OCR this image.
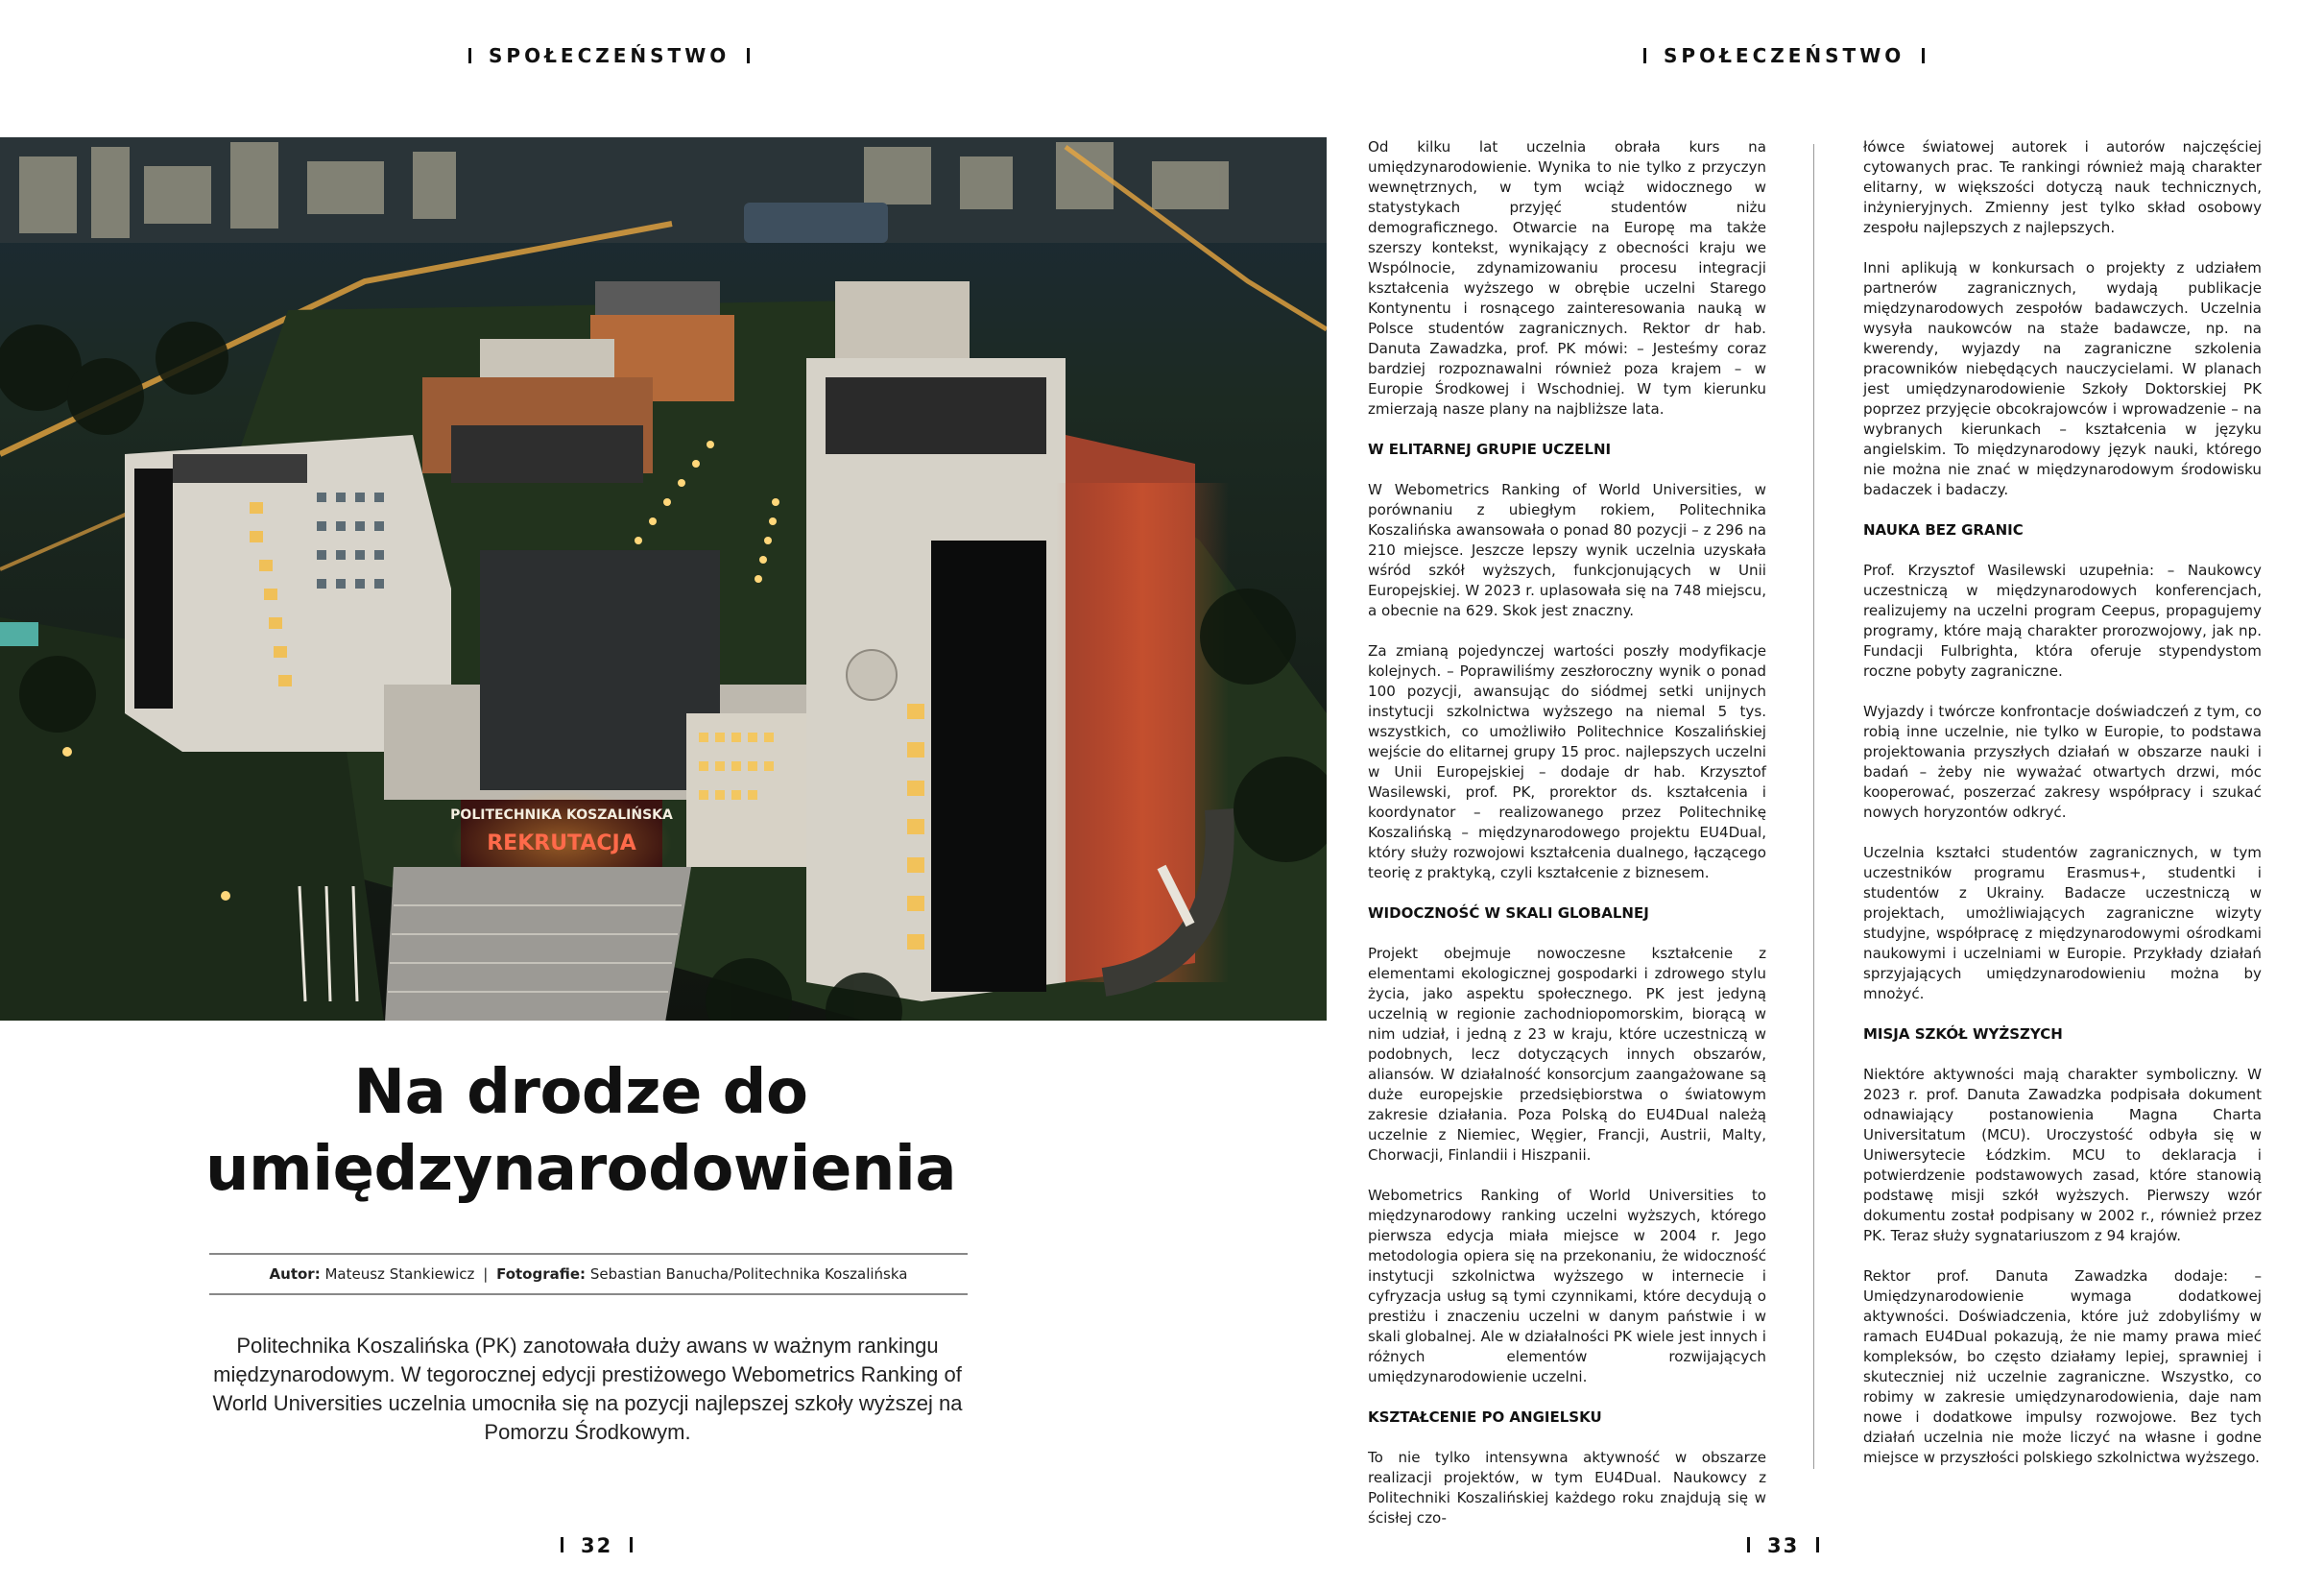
SPOŁECZEŃSTWO
Na drodze do
umiędzynarodowienia
Autor: Mateusz Stankiewicz | Fotografie: Sebastian Banucha/Politechnika Koszalińska

Politechnika Koszalińska (PK) zanotowała duży awans w ważnym rankingu międzynarodowym. W tegorocznej edycji prestiżowego Webometrics Ranking of World Universities uczelnia umocniła się na pozycji najlepszej szkoły wyższej na Pomorzu Środkowym.

32
POLITECHNIKA KOSZALIŃSKA
REKRUTACJA
SPOŁECZEŃSTWO

Od kilku lat uczelnia obrała kurs na umiędzynarodowienie. Wynika to nie tylko z przyczyn wewnętrznych, w tym wciąż widocznego w statystykach przyjęć studentów niżu demograficznego. Otwarcie na Europę ma także szerszy kontekst, wynikający z obecności kraju we Wspólnocie, zdynamizowaniu procesu integracji kształcenia wyższego w obrębie uczelni Starego Kontynentu i rosnącego zainteresowania nauką w Polsce studentów zagranicznych. Rektor dr hab. Danuta Zawadzka, prof. PK mówi: – Jesteśmy coraz bardziej rozpoznawalni również poza krajem – w Europie Środkowej i Wschodniej. W tym kierunku zmierzają nasze plany na najbliższe lata.

W ELITARNEJ GRUPIE UCZELNI

W Webometrics Ranking of World Universities, w porównaniu z ubiegłym rokiem, Politechnika Koszalińska awansowała o ponad 80 pozycji – z 296 na 210 miejsce. Jeszcze lepszy wynik uczelnia uzyskała wśród szkół wyższych, funkcjonujących w Unii Europejskiej. W 2023 r. uplasowała się na 748 miejscu, a obecnie na 629. Skok jest znaczny.

Za zmianą pojedynczej wartości poszły modyfikacje kolejnych. – Poprawiliśmy zeszłoroczny wynik o ponad 100 pozycji, awansując do siódmej setki unijnych instytucji szkolnictwa wyższego na niemal 5 tys. wszystkich, co umożliwiło Politechnice Koszalińskiej wejście do elitarnej grupy 15 proc. najlepszych uczelni w Unii Europejskiej – dodaje dr hab. Krzysztof Wasilewski, prof. PK, prorektor ds. kształcenia i koordynator – realizowanego przez Politechnikę Koszalińską – międzynarodowego projektu EU4Dual, który służy rozwojowi kształcenia dualnego, łączącego teorię z praktyką, czyli kształcenie z biznesem.

WIDOCZNOŚĆ W SKALI GLOBALNEJ

Projekt obejmuje nowoczesne kształcenie z elementami ekologicznej gospodarki i zdrowego stylu życia, jako aspektu społecznego. PK jest jedyną uczelnią w regionie zachodniopomorskim, biorącą w nim udział, i jedną z 23 w kraju, które uczestniczą w podobnych, lecz dotyczących innych obszarów, aliansów. W działalność konsorcjum zaangażowane są duże europejskie przedsiębiorstwa o światowym zakresie działania. Poza Polską do EU4Dual należą uczelnie z Niemiec, Węgier, Francji, Austrii, Malty, Chorwacji, Finlandii i Hiszpanii.

Webometrics Ranking of World Universities to międzynarodowy ranking uczelni wyższych, którego pierwsza edycja miała miejsce w 2004 r. Jego metodologia opiera się na przekonaniu, że widoczność instytucji szkolnictwa wyższego w internecie i cyfryzacja usług są tymi czynnikami, które decydują o prestiżu i znaczeniu uczelni w danym państwie i w skali globalnej. Ale w działalności PK wiele jest innych i różnych elementów rozwijających umiędzynarodowienie uczelni.

KSZTAŁCENIE PO ANGIELSKU

To nie tylko intensywna aktywność w obszarze realizacji projektów, w tym EU4Dual. Naukowcy z Politechniki Koszalińskiej każdego roku znajdują się w ścisłej czo-

łówce światowej autorek i autorów najczęściej cytowanych prac. Te rankingi również mają charakter elitarny, w większości dotyczą nauk technicznych, inżynieryjnych. Zmienny jest tylko skład osobowy zespołu najlepszych z najlepszych.

Inni aplikują w konkursach o projekty z udziałem partnerów zagranicznych, wydają publikacje międzynarodowych zespołów badawczych. Uczelnia wysyła naukowców na staże badawcze, np. na kwerendy, wyjazdy na zagraniczne szkolenia pracowników niebędących nauczycielami. W planach jest umiędzynarodowienie Szkoły Doktorskiej PK poprzez przyjęcie obcokrajowców i wprowadzenie – na wybranych kierunkach – kształcenia w języku angielskim. To międzynarodowy język nauki, którego nie można nie znać w międzynarodowym środowisku badaczek i badaczy.

NAUKA BEZ GRANIC

Prof. Krzysztof Wasilewski uzupełnia: – Naukowcy uczestniczą w międzynarodowych konferencjach, realizujemy na uczelni program Ceepus, propagujemy programy, które mają charakter prorozwojowy, jak np. Fundacji Fulbrighta, która oferuje stypendystom roczne pobyty zagraniczne.

Wyjazdy i twórcze konfrontacje doświadczeń z tym, co robią inne uczelnie, nie tylko w Europie, to podstawa projektowania przyszłych działań w obszarze nauki i badań – żeby nie wyważać otwartych drzwi, móc kooperować, poszerzać zakresy współpracy i szukać nowych horyzontów odkryć.

Uczelnia kształci studentów zagranicznych, w tym uczestników programu Erasmus+, studentki i studentów z Ukrainy. Badacze uczestniczą w projektach, umożliwiających zagraniczne wizyty studyjne, współpracę z międzynarodowymi ośrodkami naukowymi i uczelniami w Europie. Przykłady działań sprzyjających umiędzynarodowieniu można by mnożyć.

MISJA SZKÓŁ WYŻSZYCH

Niektóre aktywności mają charakter symboliczny. W 2023 r. prof. Danuta Zawadzka podpisała dokument odnawiający postanowienia Magna Charta Universitatum (MCU). Uroczystość odbyła się w Uniwersytecie Łódzkim. MCU to deklaracja i potwierdzenie podstawowych zasad, które stanowią podstawę misji szkół wyższych. Pierwszy wzór dokumentu został podpisany w 2002 r., również przez PK. Teraz służy sygnatariuszom z 94 krajów.

Rektor prof. Danuta Zawadzka dodaje: – Umiędzynarodowienie wymaga dodatkowej aktywności. Doświadczenia, które już zdobyliśmy w ramach EU4Dual pokazują, że nie mamy prawa mieć kompleksów, bo często działamy lepiej, sprawniej i skuteczniej niż uczelnie zagraniczne. Wszystko, co robimy w zakresie umiędzynarodowienia, daje nam nowe i dodatkowe impulsy rozwojowe. Bez tych działań uczelnia nie może liczyć na własne i godne miejsce w przyszłości polskiego szkolnictwa wyższego.

33
